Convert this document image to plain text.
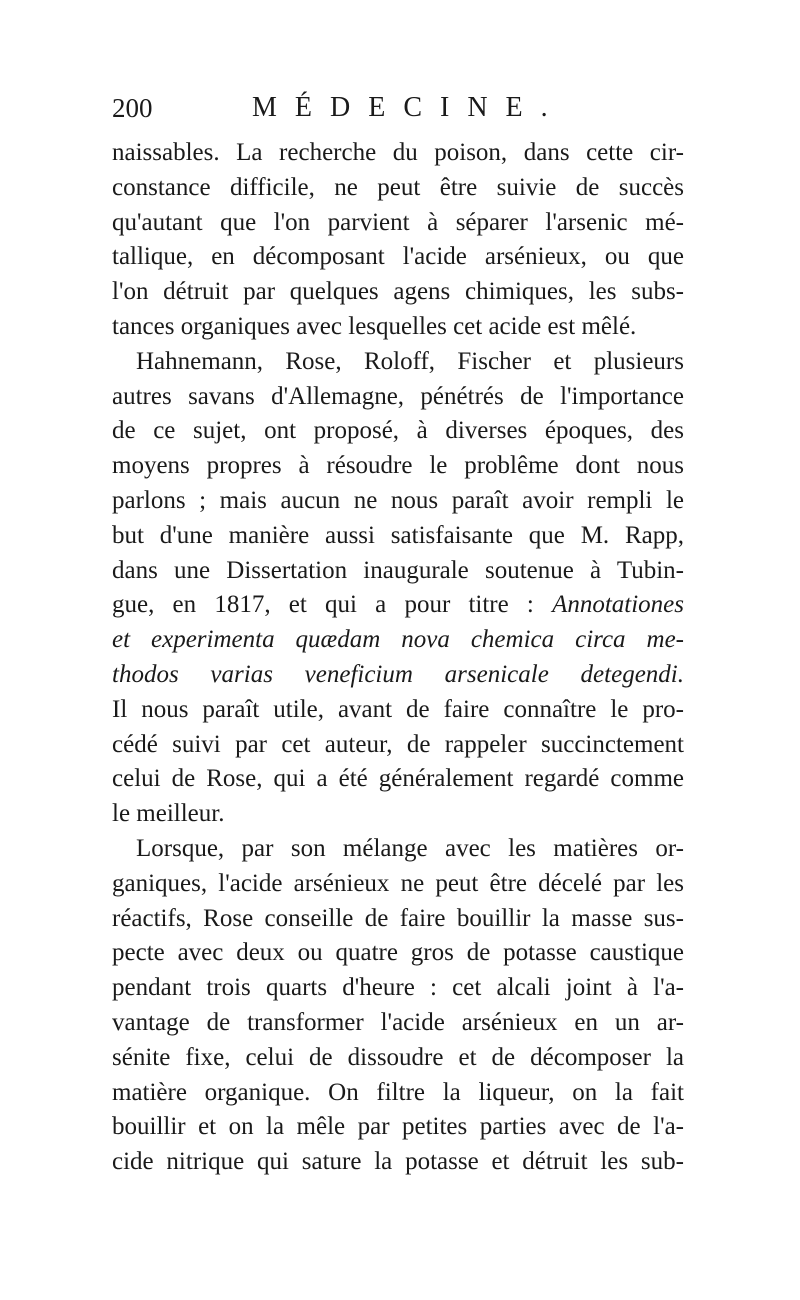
200	MÉDECINE.
naissables. La recherche du poison, dans cette cir-
constance difficile, ne peut être suivie de succès
qu'autant que l'on parvient à séparer l'arsenic mé-
tallique, en décomposant l'acide arsénieux, ou que
l'on détruit par quelques agens chimiques, les subs-
tances organiques avec lesquelles cet acide est mêlé.
Hahnemann, Rose, Roloff, Fischer et plusieurs
autres savans d'Allemagne, pénétrés de l'importance
de ce sujet, ont proposé, à diverses époques, des
moyens propres à résoudre le problême dont nous
parlons ; mais aucun ne nous paraît avoir rempli le
but d'une manière aussi satisfaisante que M. Rapp,
dans une Dissertation inaugurale soutenue à Tubin-
gue, en 1817, et qui a pour titre : Annotationes
et experimenta quædam nova chemica circa me-
thodos varias veneficium arsenicale detegendi.
Il nous paraît utile, avant de faire connaître le pro-
cédé suivi par cet auteur, de rappeler succinctement
celui de Rose, qui a été généralement regardé comme
le meilleur.
Lorsque, par son mélange avec les matières or-
ganiques, l'acide arsénieux ne peut être décelé par les
réactifs, Rose conseille de faire bouillir la masse sus-
pecte avec deux ou quatre gros de potasse caustique
pendant trois quarts d'heure : cet alcali joint à l'a-
vantage de transformer l'acide arsénieux en un ar-
sénite fixe, celui de dissoudre et de décomposer la
matière organique. On filtre la liqueur, on la fait
bouillir et on la mêle par petites parties avec de l'a-
cide nitrique qui sature la potasse et détruit les sub-
